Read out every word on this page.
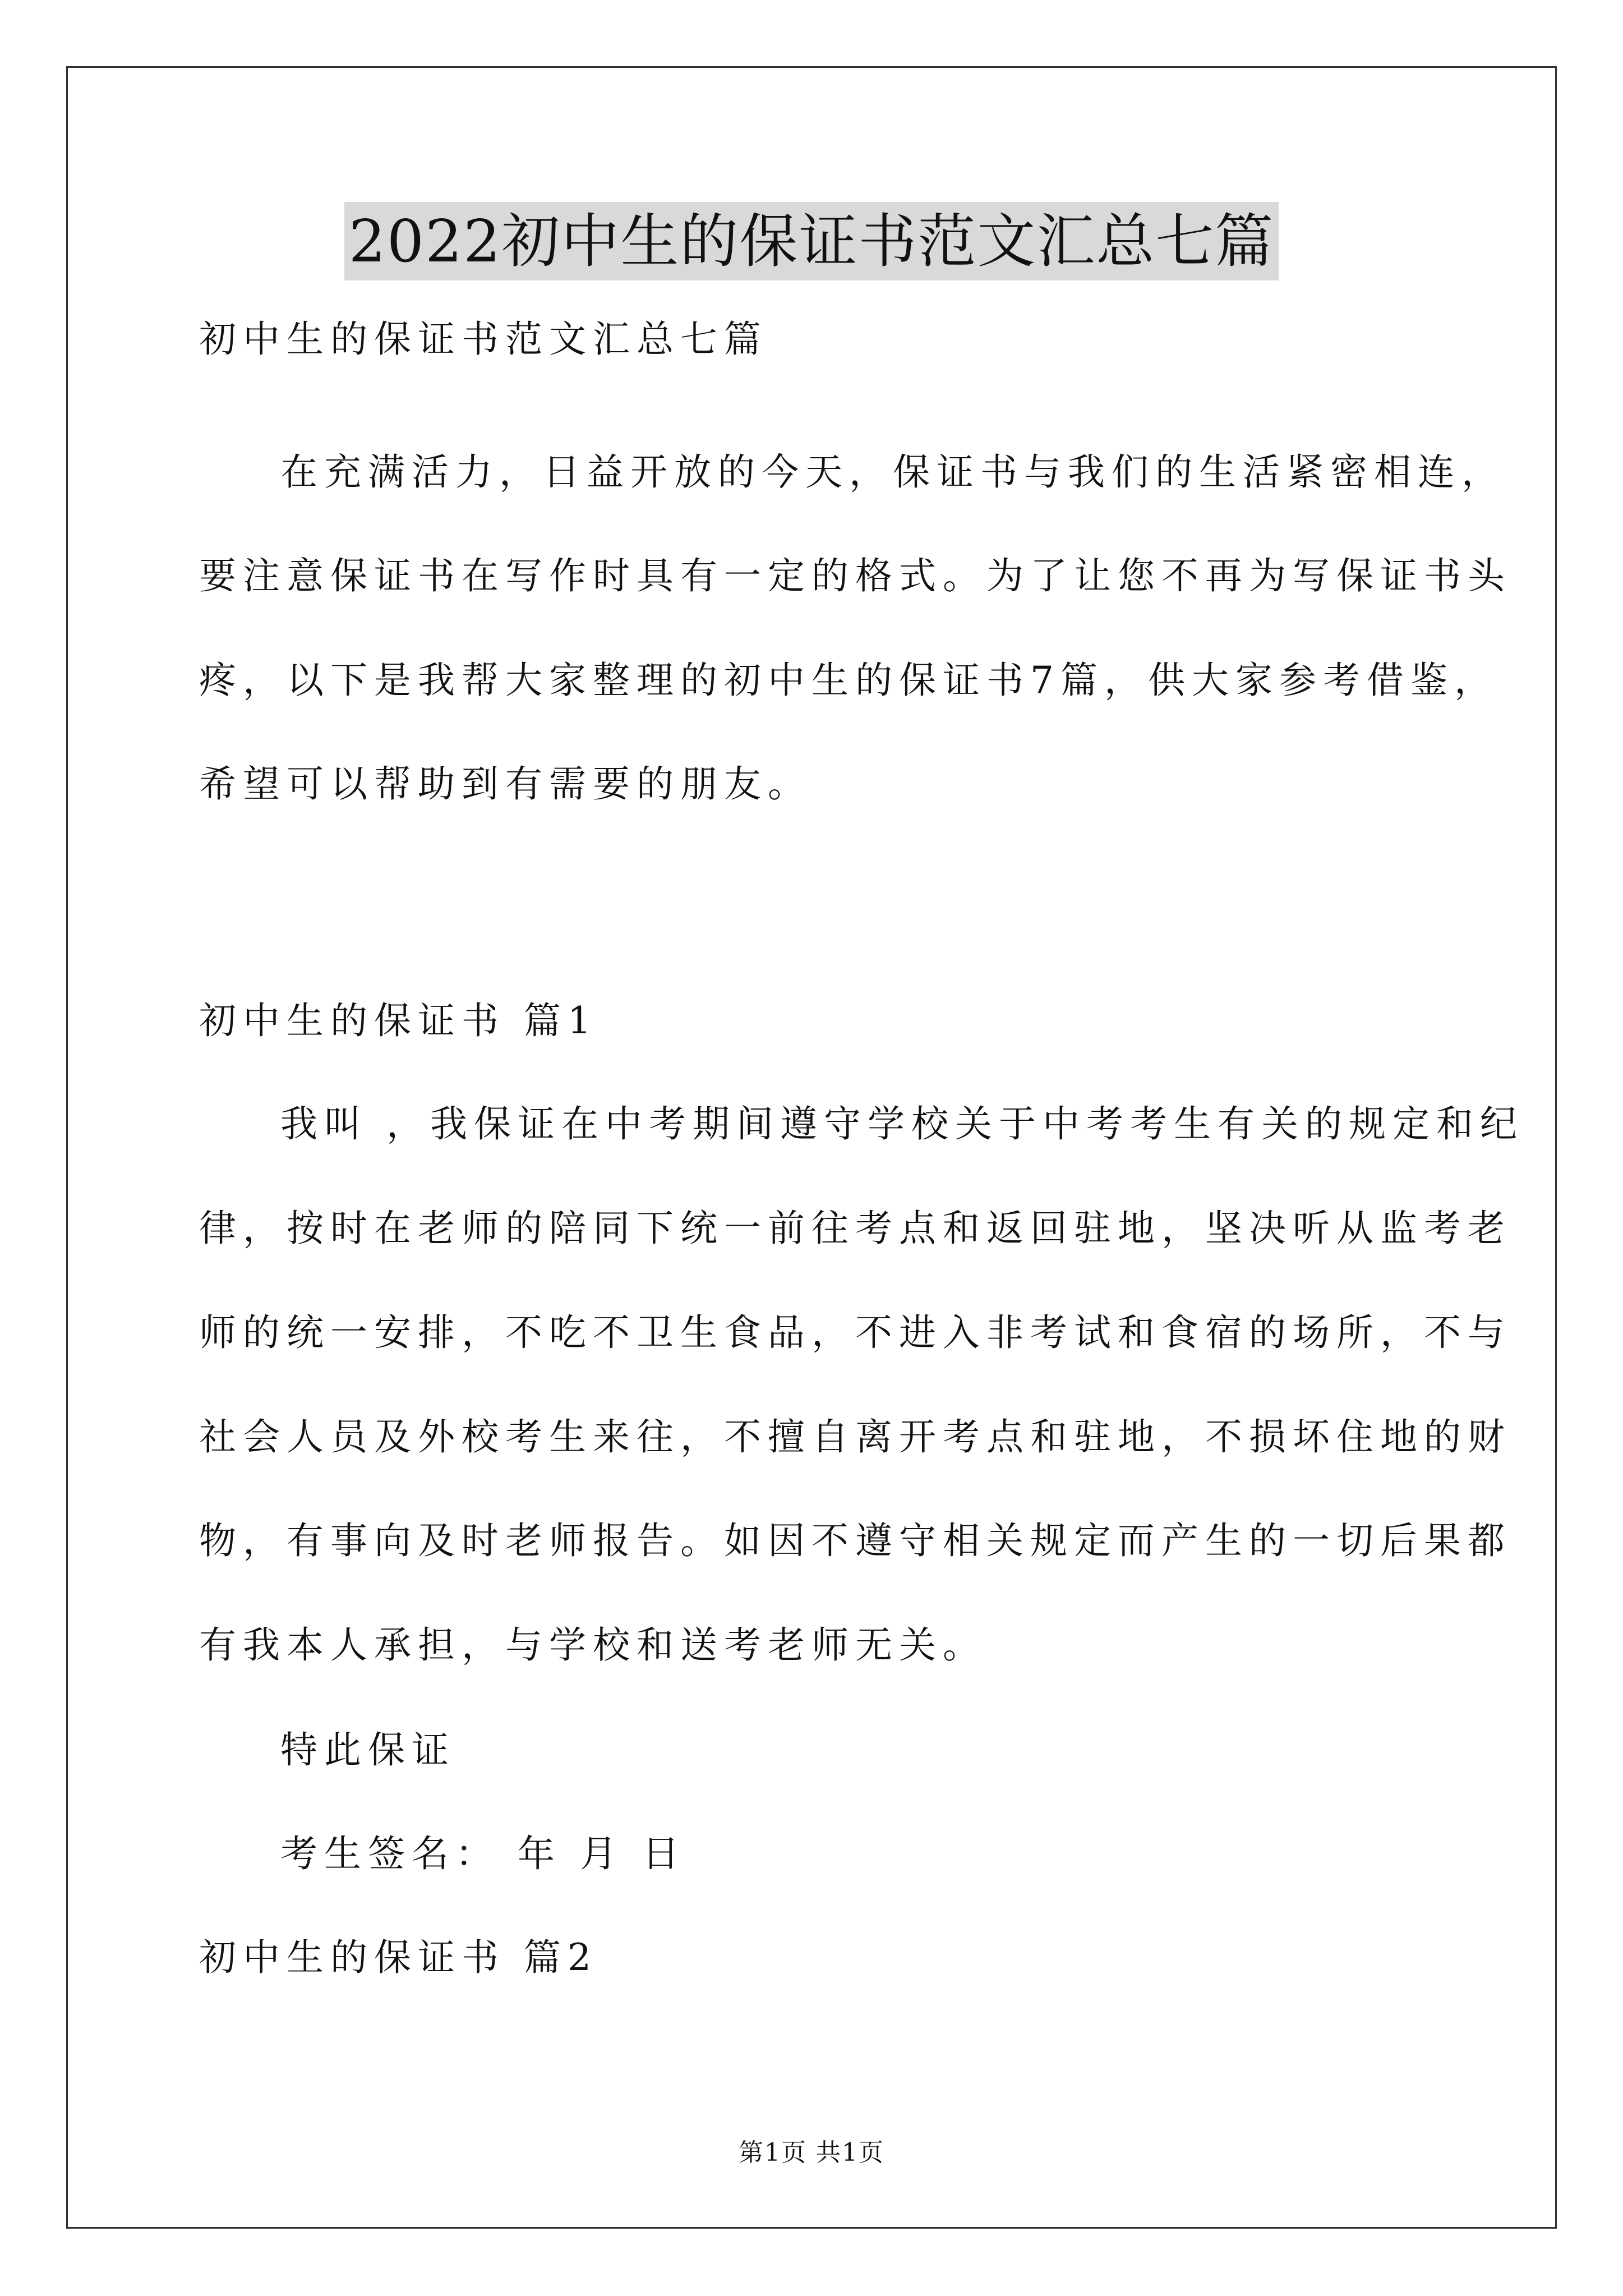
2022初中生的保证书范文汇总七篇
初中生的保证书范文汇总七篇
在充满活力，日益开放的今天，保证书与我们的生活紧密相连，
要注意保证书在写作时具有一定的格式。为了让您不再为写保证书头
疼，以下是我帮大家整理的初中生的保证书7篇，供大家参考借鉴，
希望可以帮助到有需要的朋友。
初中生的保证书 篇1
我叫 ，我保证在中考期间遵守学校关于中考考生有关的规定和纪
律，按时在老师的陪同下统一前往考点和返回驻地，坚决听从监考老
师的统一安排，不吃不卫生食品，不进入非考试和食宿的场所，不与
社会人员及外校考生来往，不擅自离开考点和驻地，不损坏住地的财
物，有事向及时老师报告。如因不遵守相关规定而产生的一切后果都
有我本人承担，与学校和送考老师无关。
特此保证
考生签名： 年 月 日
初中生的保证书 篇2
第1页 共1页
